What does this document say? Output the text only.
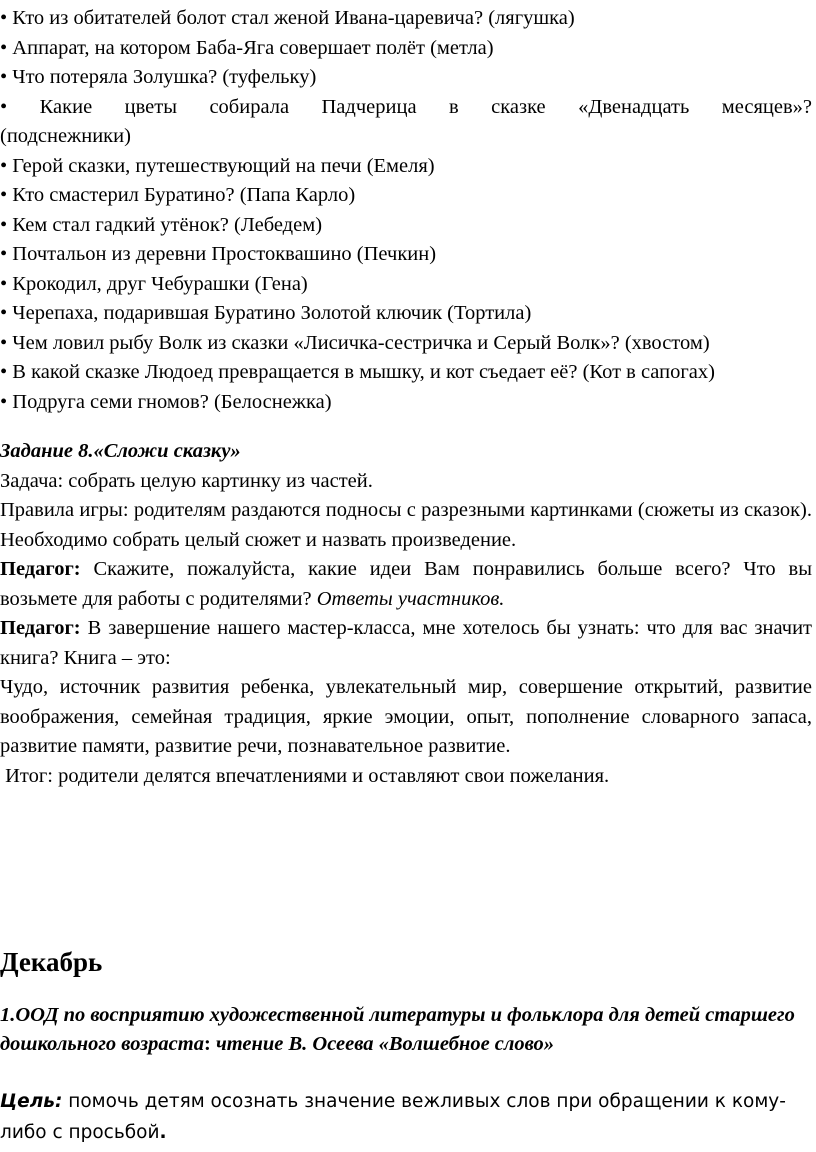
• Кто из обитателей болот стал женой Ивана-царевича? (лягушка)
• Аппарат, на котором Баба-Яга совершает полёт (метла)
• Что потеряла Золушка? (туфельку)
• Какие цветы собирала Падчерица в сказке «Двенадцать месяцев»?
(подснежники)
• Герой сказки, путешествующий на печи (Емеля)
• Кто смастерил Буратино? (Папа Карло)
• Кем стал гадкий утёнок? (Лебедем)
• Почтальон из деревни Простоквашино (Печкин)
• Крокодил, друг Чебурашки (Гена)
• Черепаха, подарившая Буратино Золотой ключик (Тортила)
• Чем ловил рыбу Волк из сказки «Лисичка-сестричка и Серый Волк»? (хвостом)
• В какой сказке Людоед превращается в мышку, и кот съедает её? (Кот в сапогах)
• Подруга семи гномов? (Белоснежка)
Задание 8.«Сложи сказку»
Задача: собрать целую картинку из частей.
Правила игры: родителям раздаются подносы с разрезными картинками (сюжеты из сказок). Необходимо собрать целый сюжет и назвать произведение.
Педагог: Скажите, пожалуйста, какие идеи Вам понравились больше всего? Что вы возьмете для работы с родителями? Ответы участников.
Педагог: В завершение нашего мастер-класса, мне хотелось бы узнать: что для вас значит книга? Книга – это:
Чудо, источник развития ребенка, увлекательный мир, совершение открытий, развитие воображения, семейная традиция, яркие эмоции, опыт, пополнение словарного запаса, развитие памяти, развитие речи, познавательное развитие.
Итог: родители делятся впечатлениями и оставляют свои пожелания.
Декабрь
1.ООД по восприятию художественной литературы и фольклора для детей старшего дошкольного возраста: чтение В. Осеева «Волшебное слово»
Цель: помочь детям осознать значение вежливых слов при обращении к кому-либо с просьбой.
